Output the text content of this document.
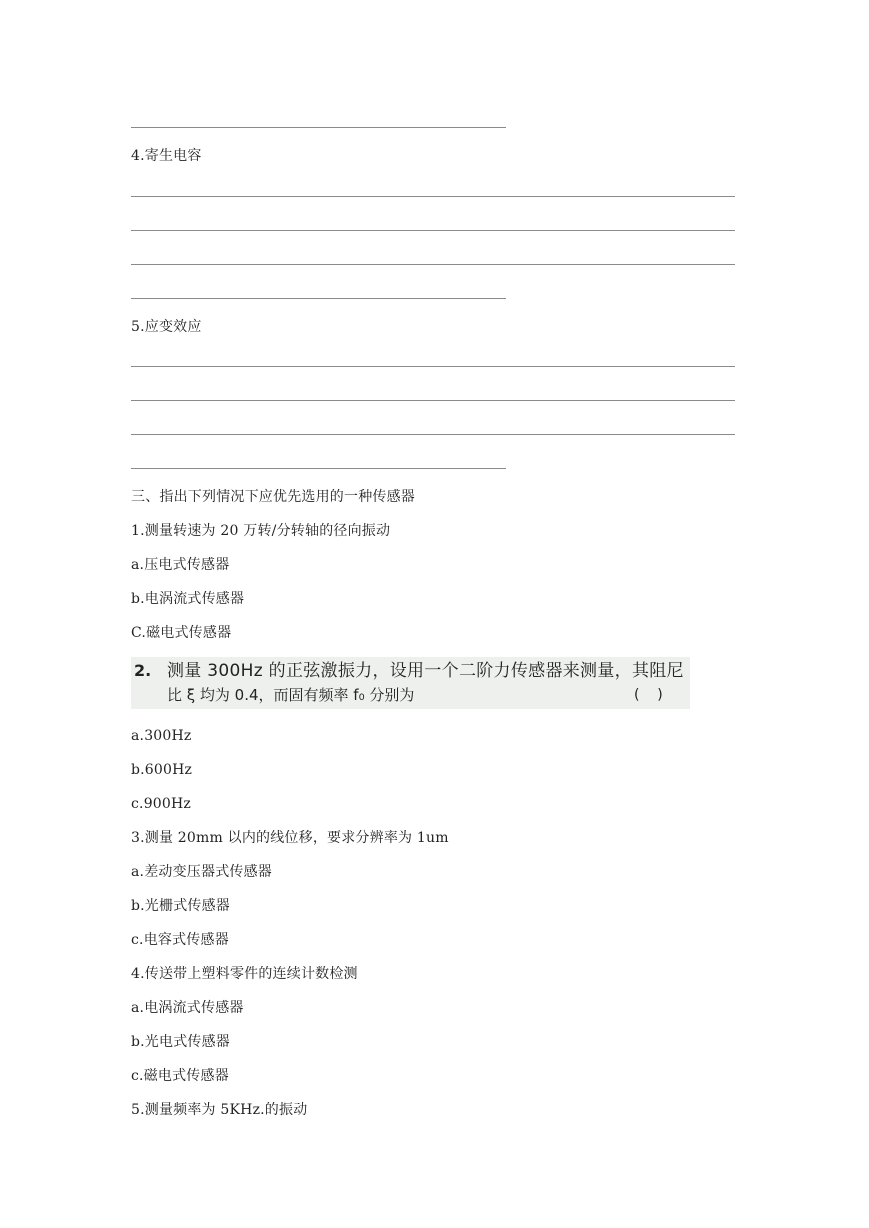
4.寄生电容
5.应变效应
三、指出下列情况下应优先选用的一种传感器
1.测量转速为 20 万转/分转轴的径向振动
a.压电式传感器
b.电涡流式传感器
C.磁电式传感器
2. 测量 300Hz 的正弦激振力，设用一个二阶力传感器来测量，其阻尼
比 ξ 均为 0.4，而固有频率 f₀ 分别为	(    )
a.300Hz
b.600Hz
c.900Hz
3.测量 20mm 以内的线位移，要求分辨率为 1um
a.差动变压器式传感器
b.光栅式传感器
c.电容式传感器
4.传送带上塑料零件的连续计数检测
a.电涡流式传感器
b.光电式传感器
c.磁电式传感器
5.测量频率为 5KHz.的振动
